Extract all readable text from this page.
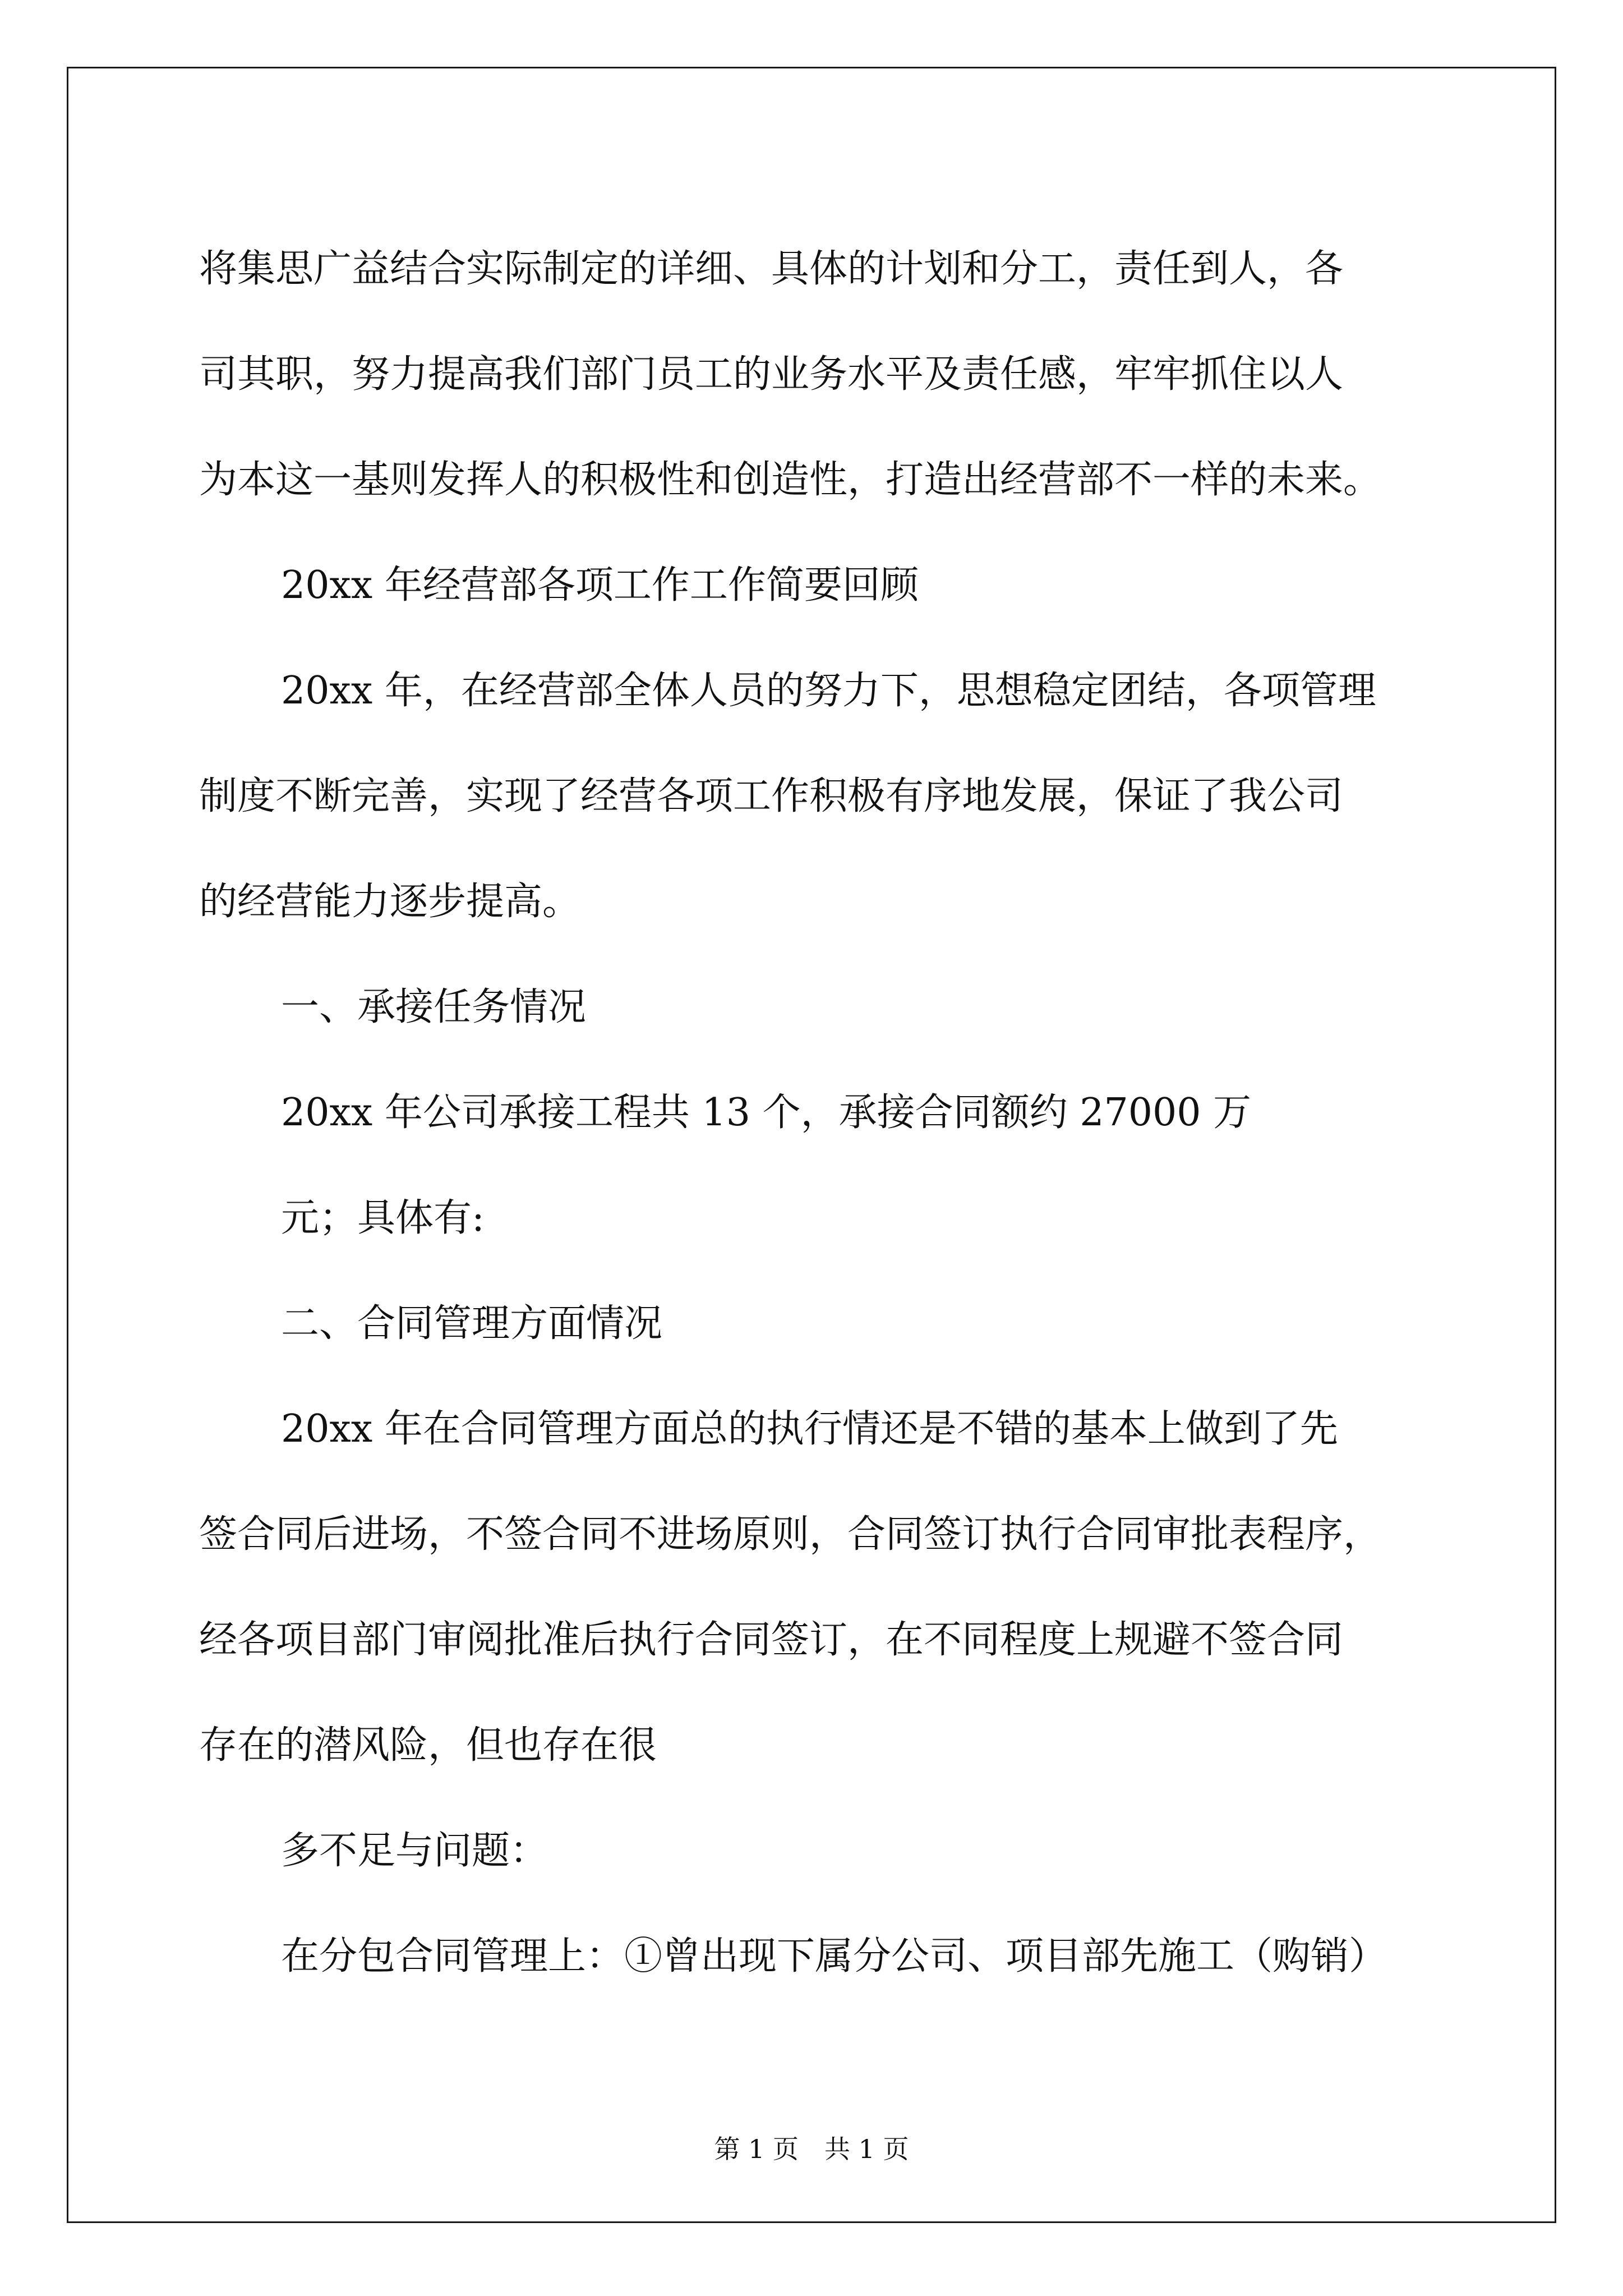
将集思广益结合实际制定的详细、具体的计划和分工，责任到人，各

司其职，努力提高我们部门员工的业务水平及责任感，牢牢抓住以人

为本这一基则发挥人的积极性和创造性，打造出经营部不一样的未来。

20xx 年经营部各项工作工作简要回顾

20xx 年，在经营部全体人员的努力下，思想稳定团结，各项管理

制度不断完善，实现了经营各项工作积极有序地发展，保证了我公司

的经营能力逐步提高。

一、承接任务情况

20xx 年公司承接工程共 13 个，承接合同额约 27000 万

元；具体有:

二、合同管理方面情况

20xx 年在合同管理方面总的执行情还是不错的基本上做到了先

签合同后进场，不签合同不进场原则，合同签订执行合同审批表程序，

经各项目部门审阅批准后执行合同签订，在不同程度上规避不签合同

存在的潜风险，但也存在很

多不足与问题：

在分包合同管理上：①曾出现下属分公司、项目部先施工（购销）

第 1 页　共 1 页
